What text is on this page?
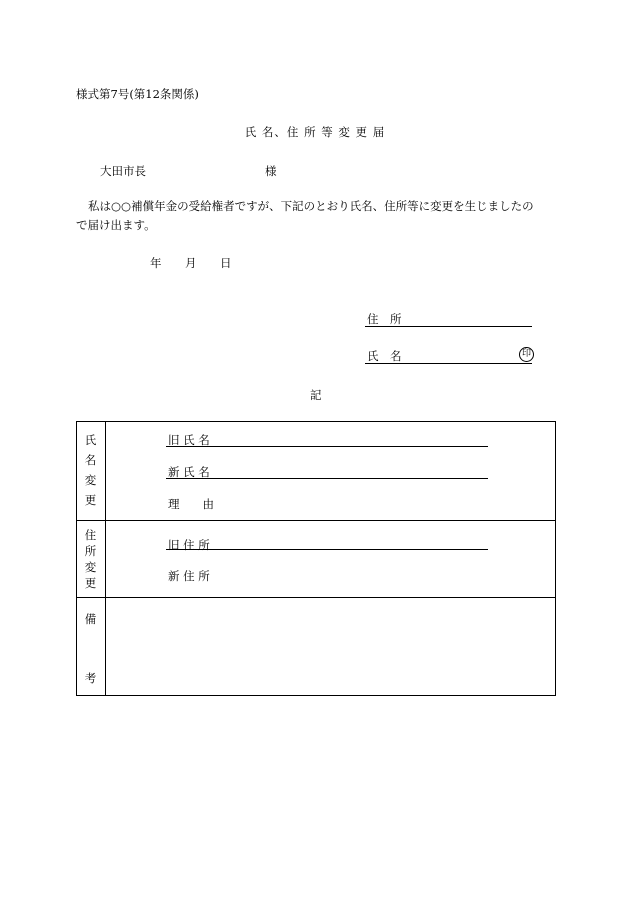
様式第7号(第12条関係)
氏 名、住 所 等 変 更 届
大田市長	様
私は○○補償年金の受給権者ですが、下記のとおり氏名、住所等に変更を生じましたの
で届け出ます。
年 月 日
住　所
氏　名	印
記
氏
名
変
更
旧 氏 名
新 氏 名
理　　由
住
所
変
更
旧 住 所
新 住 所
備
考
